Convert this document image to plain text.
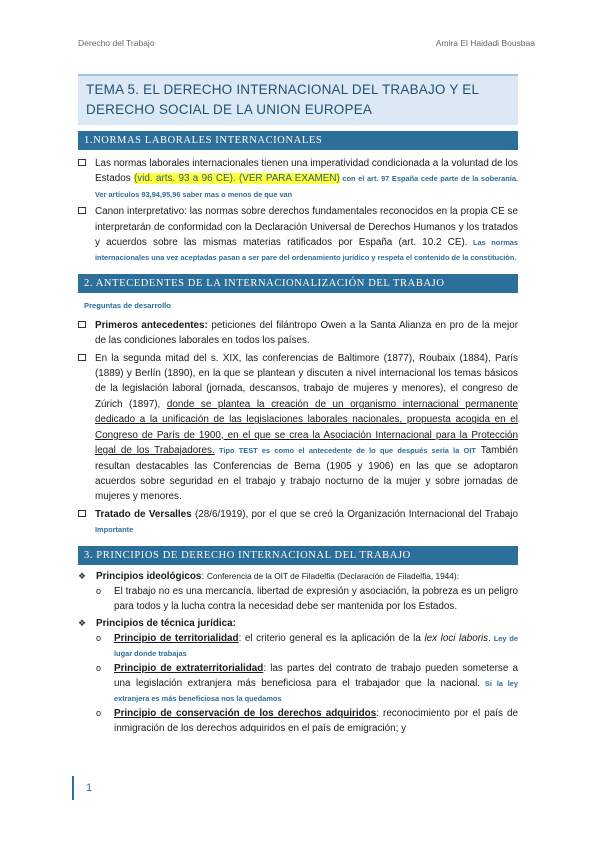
Derecho del Trabajo	Amira El Haidadi Bousbaa
TEMA 5. EL DERECHO INTERNACIONAL DEL TRABAJO Y EL
DERECHO SOCIAL DE LA UNION EUROPEA
1.NORMAS LABORALES INTERNACIONALES
Las normas laborales internacionales tienen una imperatividad condicionada a la voluntad de los Estados (vid. arts. 93 a 96 CE). (VER PARA EXAMEN) con el art. 97 España cede parte de la soberanía. Ver artículos 93,94,95,96 saber mas o menos de que van
Canon interpretativo: las normas sobre derechos fundamentales reconocidos en la propia CE se interpretarán de conformidad con la Declaración Universal de Derechos Humanos y los tratados y acuerdos sobre las mismas materias ratificados por España (art. 10.2 CE). Las normas internacionales una vez aceptadas pasan a ser pare del ordenamiento jurídico y respeta el contenido de la constitución.
2. ANTECEDENTES DE LA INTERNACIONALIZACIÓN DEL TRABAJO
Preguntas de desarrollo
Primeros antecedentes: peticiones del filántropo Owen a la Santa Alianza en pro de la mejor de las condiciones laborales en todos los países.
En la segunda mitad del s. XIX, las conferencias de Baltimore (1877), Roubaix (1884), París (1889) y Berlín (1890), en la que se plantean y discuten a nivel internacional los temas básicos de la legislación laboral (jornada, descansos, trabajo de mujeres y menores), el congreso de Zúrich (1897), donde se plantea la creación de un organismo internacional permanente dedicado a la unificación de las legislaciones laborales nacionales, propuesta acogida en el Congreso de París de 1900, en el que se crea la Asociación Internacional para la Protección legal de los Trabajadores. Tipo TEST es como el antecedente de lo que después sería la OIT También resultan destacables las Conferencias de Berna (1905 y 1906) en las que se adoptaron acuerdos sobre seguridad en el trabajo y trabajo nocturno de la mujer y sobre jornadas de mujeres y menores.
Tratado de Versalles (28/6/1919), por el que se creó la Organización Internacional del Trabajo Importante
3. PRINCIPIOS DE DERECHO INTERNACIONAL DEL TRABAJO
❖	Principios ideológicos: Conferencia de la OIT de Filadelfia (Declaración de Filadelfia, 1944):
o	El trabajo no es una mercancía. libertad de expresión y asociación, la pobreza es un peligro para todos y la lucha contra la necesidad debe ser mantenida por los Estados.
❖	Principios de técnica jurídica:
o	Principio de territorialidad: el criterio general es la aplicación de la lex loci laboris. Ley de lugar donde trabajas
o	Principio de extraterritorialidad: las partes del contrato de trabajo pueden someterse a una legislación extranjera más beneficiosa para el trabajador que la nacional. Si la ley extranjera es más beneficiosa nos la quedamos
o	Principio de conservación de los derechos adquiridos: reconocimiento por el país de inmigración de los derechos adquiridos en el país de emigración; y
1
